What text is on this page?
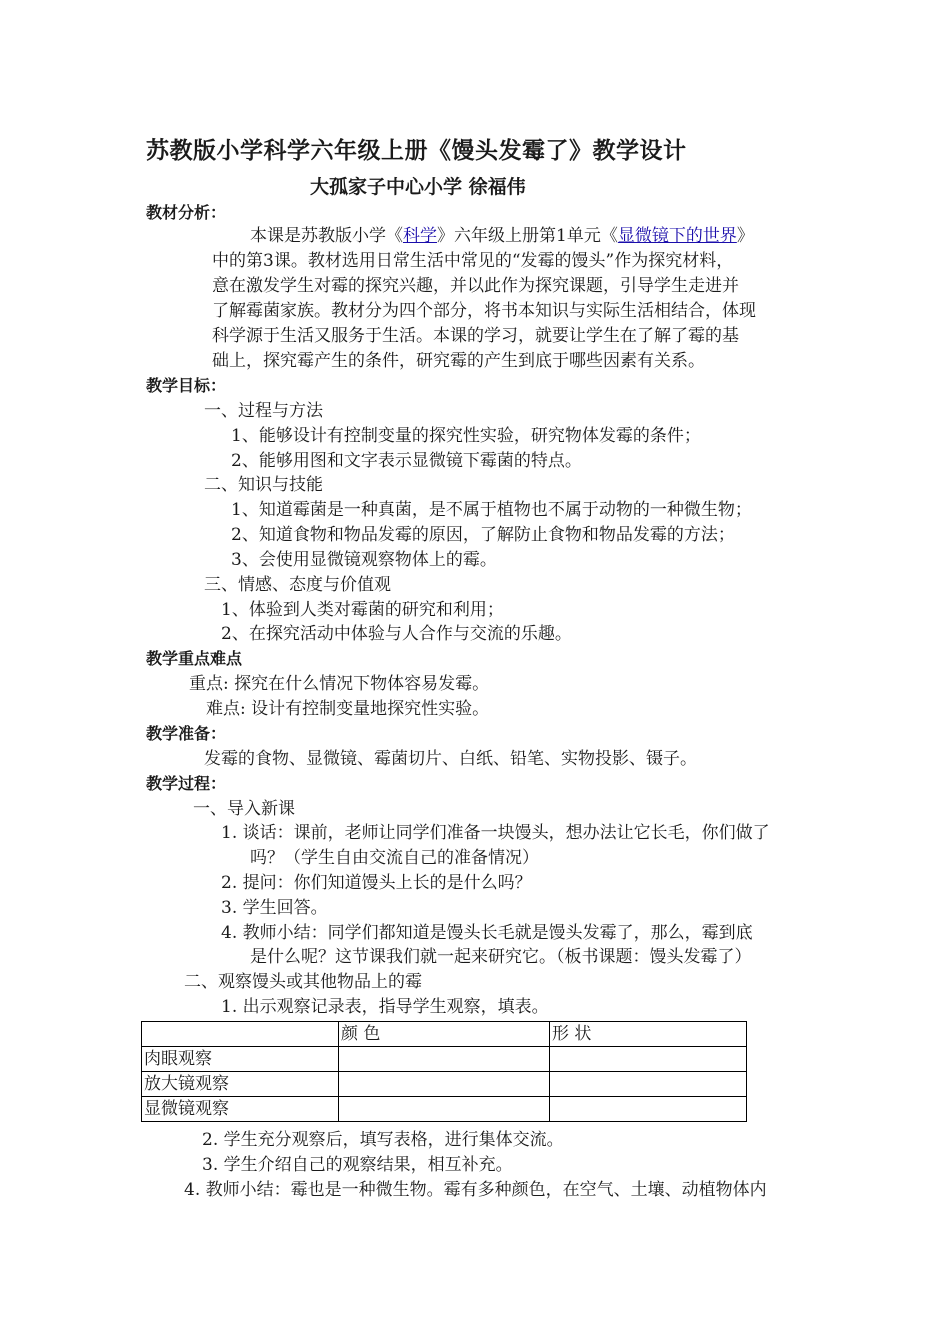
苏教版小学科学六年级上册《馒头发霉了》教学设计
大孤家子中心小学 徐福伟
教材分析：
本课是苏教版小学《科学》六年级上册第1单元《显微镜下的世界》
中的第3课。教材选用日常生活中常见的“发霉的馒头”作为探究材料，
意在激发学生对霉的探究兴趣，并以此作为探究课题，引导学生走进并
了解霉菌家族。教材分为四个部分，将书本知识与实际生活相结合，体现
科学源于生活又服务于生活。本课的学习，就要让学生在了解了霉的基
础上，探究霉产生的条件，研究霉的产生到底于哪些因素有关系。
教学目标：
一、过程与方法
1、能够设计有控制变量的探究性实验，研究物体发霉的条件；
2、能够用图和文字表示显微镜下霉菌的特点。
二、知识与技能
1、知道霉菌是一种真菌，是不属于植物也不属于动物的一种微生物；
2、知道食物和物品发霉的原因，了解防止食物和物品发霉的方法；
3、会使用显微镜观察物体上的霉。
三、情感、态度与价值观
1、体验到人类对霉菌的研究和利用；
2、在探究活动中体验与人合作与交流的乐趣。
教学重点难点
重点: 探究在什么情况下物体容易发霉。
难点: 设计有控制变量地探究性实验。
教学准备：
发霉的食物、显微镜、霉菌切片、白纸、铅笔、实物投影、镊子。
教学过程：
一、导入新课
1. 谈话：课前，老师让同学们准备一块馒头，想办法让它长毛，你们做了
吗？（学生自由交流自己的准备情况）
2. 提问：你们知道馒头上长的是什么吗？
3. 学生回答。
4. 教师小结：同学们都知道是馒头长毛就是馒头发霉了，那么，霉到底
是什么呢？这节课我们就一起来研究它。（板书课题：馒头发霉了）
二、观察馒头或其他物品上的霉
1. 出示观察记录表，指导学生观察，填表。
	颜 色	形 状
肉眼观察		
放大镜观察		
显微镜观察		
2. 学生充分观察后，填写表格，进行集体交流。
3. 学生介绍自己的观察结果，相互补充。
4. 教师小结：霉也是一种微生物。霉有多种颜色，在空气、土壤、动植物体内
